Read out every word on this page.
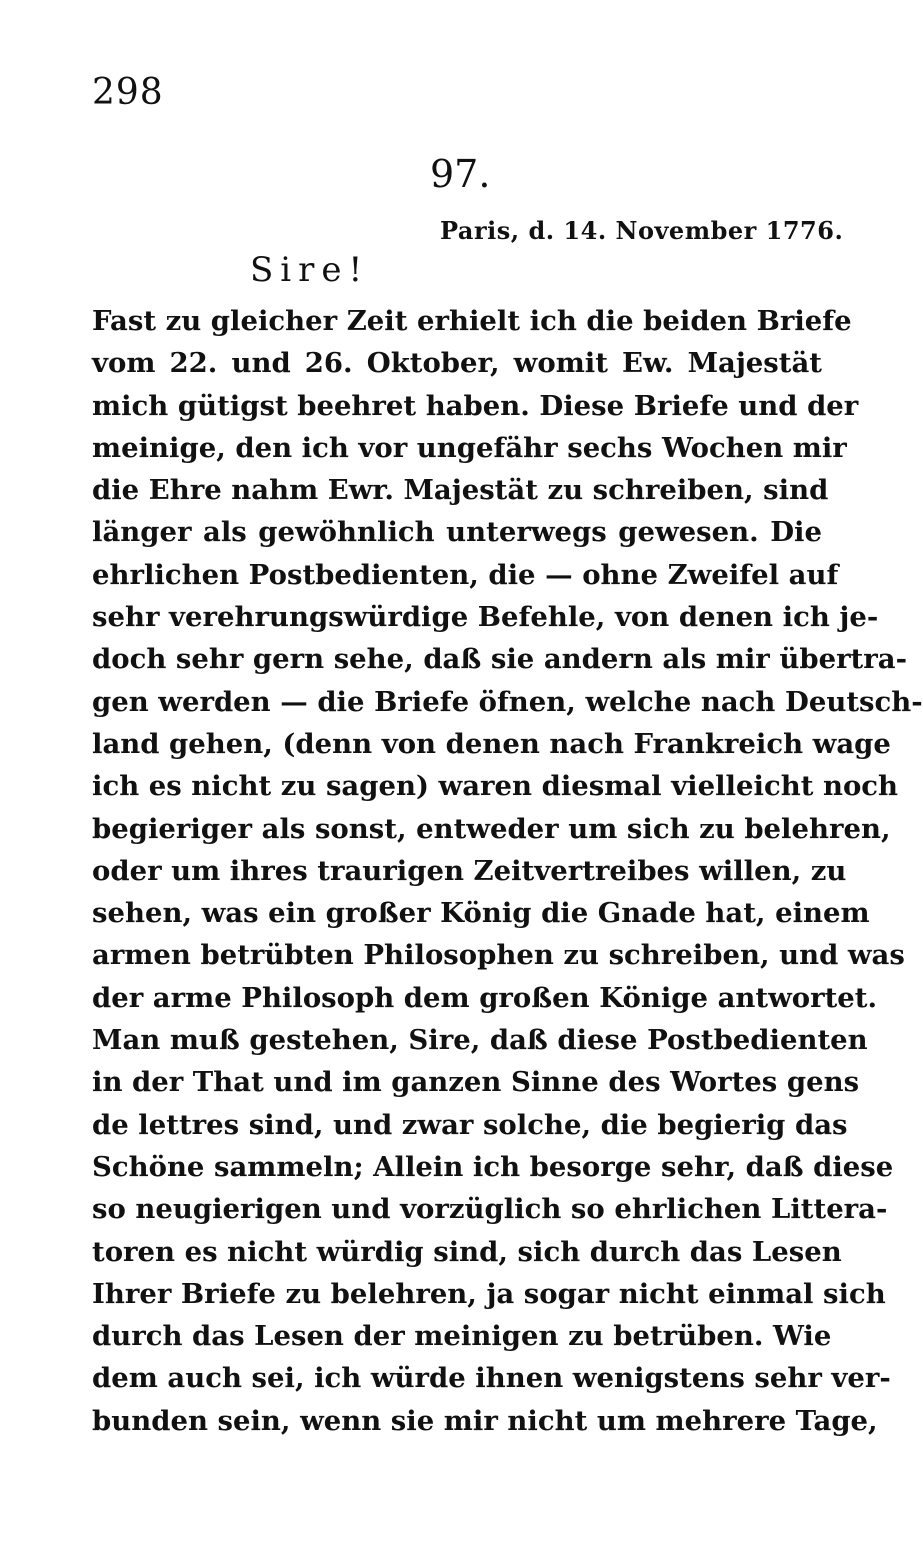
298
97.
Paris, d. 14. November 1776.
Sire!
Fast zu gleicher Zeit erhielt ich die beiden Briefe
vom 22. und 26. Oktober, womit Ew. Majestät
mich gütigst beehret haben. Diese Briefe und der
meinige, den ich vor ungefähr sechs Wochen mir
die Ehre nahm Ewr. Majestät zu schreiben, sind
länger als gewöhnlich unterwegs gewesen. Die
ehrlichen Postbedienten, die — ohne Zweifel auf
sehr verehrungswürdige Befehle, von denen ich je-
doch sehr gern sehe, daß sie andern als mir übertra-
gen werden — die Briefe öfnen, welche nach Deutsch-
land gehen, (denn von denen nach Frankreich wage
ich es nicht zu sagen) waren diesmal vielleicht noch
begieriger als sonst, entweder um sich zu belehren,
oder um ihres traurigen Zeitvertreibes willen, zu
sehen, was ein großer König die Gnade hat, einem
armen betrübten Philosophen zu schreiben, und was
der arme Philosoph dem großen Könige antwortet.
Man muß gestehen, Sire, daß diese Postbedienten
in der That und im ganzen Sinne des Wortes gens
de lettres sind, und zwar solche, die begierig das
Schöne sammeln; Allein ich besorge sehr, daß diese
so neugierigen und vorzüglich so ehrlichen Littera-
toren es nicht würdig sind, sich durch das Lesen
Ihrer Briefe zu belehren, ja sogar nicht einmal sich
durch das Lesen der meinigen zu betrüben. Wie
dem auch sei, ich würde ihnen wenigstens sehr ver-
bunden sein, wenn sie mir nicht um mehrere Tage,
